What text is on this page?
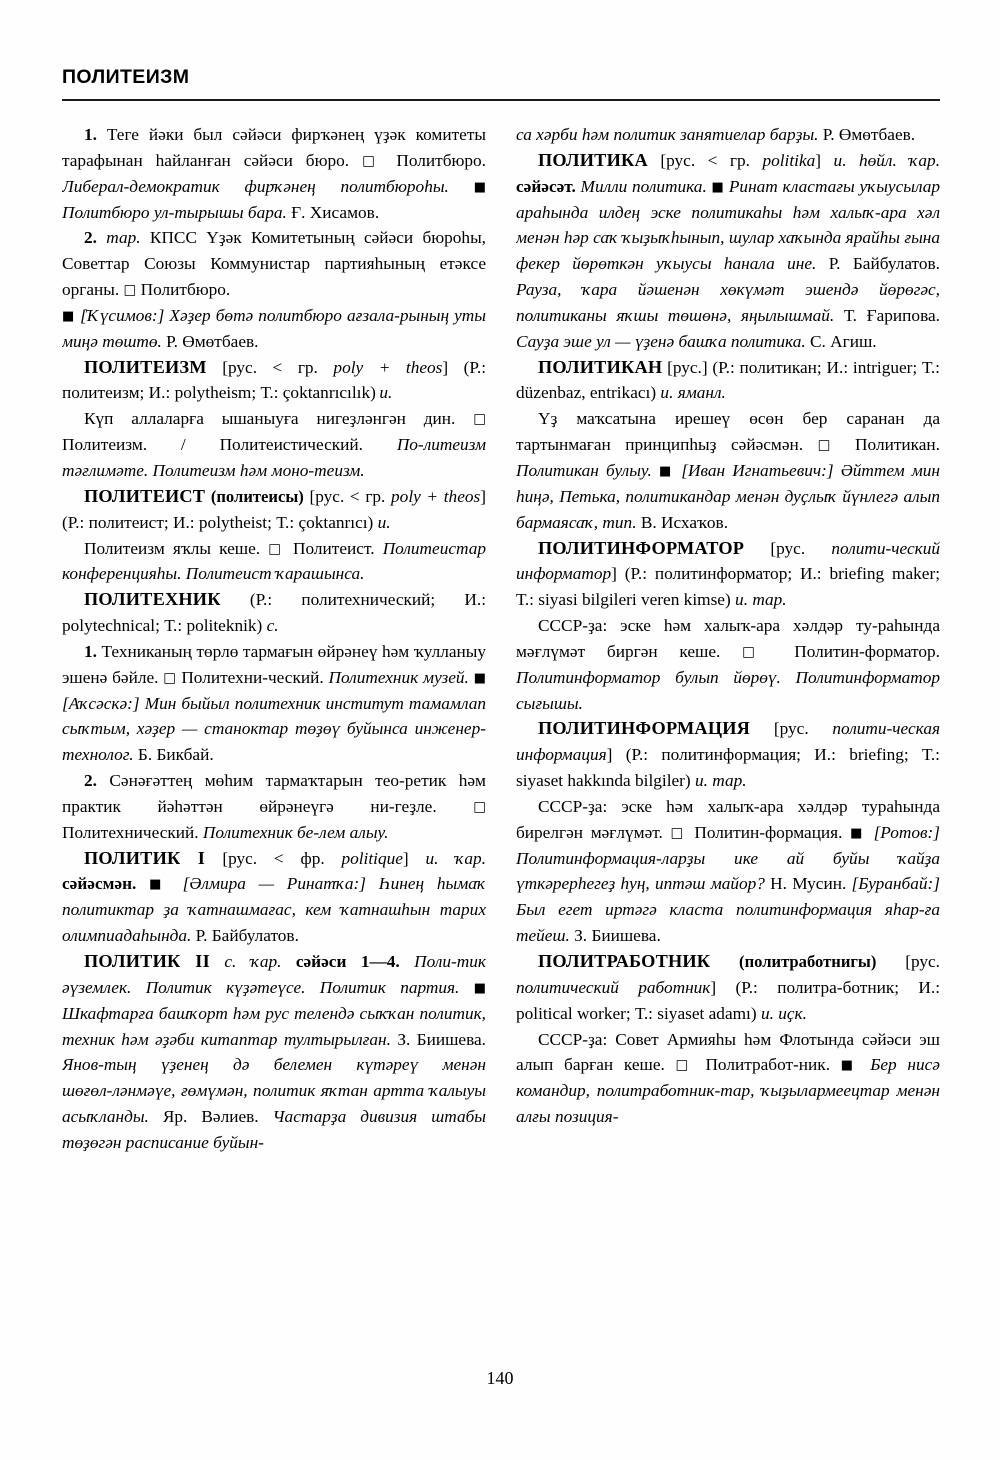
ПОЛИТЕИЗМ

1. Теге йәки был сәйәси фирҡәнең үҙәк комитеты тарафынан һайланған сәйәси бюро. □ Политбюро. Либерал-демократик фирҡәнең политбюроһы. ■ Политбюро ул‑тырышы бара. Ғ. Хисамов.

2. тар. КПСС Үҙәк Комитетының сәйәси бюроһы, Советтар Союзы Коммунистар партияһының етәксе органы. □ Политбюро.

■ [Ҡүсимов:] Хәҙер бөтә политбюро ағзала‑рының уты миңә төштө. Р. Өмөтбаев.

ПОЛИТЕИЗМ [рус. < гр. poly + theos] (Р.: политеизм; И.: polytheism; Т.: çoktanrıcılık) и.

Күп аллаларға ышаныуға нигеҙләнгән дин. □ Политеизм. / Политеистический. По‑литеизм тәғлимәте. Политеизм һәм моно‑теизм.

ПОЛИТЕИСТ (политеисы) [рус. < гр. poly + theos] (Р.: политеист; И.: polytheist; Т.: çoktanrıcı) и.

Политеизм яҡлы кеше. □ Политеист. Политеистар конференцияһы. Политеист ҡарашынса.

ПОЛИТЕХНИК (Р.: политехнический; И.: polytechnical; Т.: politeknik) с.

1. Техниканың төрлө тармағын өйрәнеү һәм ҡулланыу эшенә бәйле. □ Политехни‑ческий. Политехник музей. ■ [Аҡсәскә:] Мин быйыл политехник институт тамамлап сыҡтым, хәҙер — станоктар төҙөү буйынса инженер-технолог. Б. Бикбай.

2. Сәнәғәттең мөһим тармаҡтарын тео‑ретик һәм практик йәһәттән өйрәнеүгә ни‑геҙле. □ Политехнический. Политехник бе‑лем алыу.

ПОЛИТИК I [рус. < фр. politique] и. ҡар. сәйәсмән. ■ [Әлмира — Ринатҡа:] Һинең һымаҡ политиктар ҙа ҡатнашмағас, кем ҡатнашһын тарих олимпиадаһында. Р. Байбулатов.

ПОЛИТИК II с. ҡар. сәйәси 1—4. Поли‑тик әүземлек. Политик күҙәтеүсе. Политик партия. ■ Шкафтарға башҡорт һәм рус телендә сыҡҡан политик, техник һәм әҙәби китаптар тултырылған. З. Биишева. Янов‑тың үҙенең дә белемен күтәреү менән шөғөл‑ләнмәүе, ғөмүмән, политик яҡтан артта ҡалыуы асыҡланды. Яр. Вәлиев. Частарҙа дивизия штабы төҙөгән расписание буйын-

са хәрби һәм политик занятиелар барҙы. Р. Өмөтбаев.

ПОЛИТИКА [рус. < гр. politika] и. һөйл. ҡар. сәйәсәт. Милли политика. ■ Ринат кластағы уҡыусылар араһында илдең эске политикаһы һәм халыҡ-ара хәл менән һәр саҡ ҡыҙыҡһынып, шулар хаҡында ярайһы ғына фекер йөрөткән уҡыусы һанала ине. Р. Байбулатов. Рауза, ҡара йәшенән хөкүмәт эшендә йөрөгәс, политиканы яҡшы төшөнә, яңылышмай. Т. Ғарипова. Сауҙа эше ул — үҙенә башҡа политика. С. Агиш.

ПОЛИТИКАН [рус.] (Р.: политикан; И.: intriguer; Т.: düzenbaz, entrikacı) и. яманл.

Үҙ маҡсатына ирешеү өсөн бер саранан да тартынмаған принципһыҙ сәйәсмән. □ Политикан. Политикан булыу. ■ [Иван Игнатьевич:] Әйттем мин һиңә, Петька, политикандар менән дуҫлыҡ йүнлегә алып бармаясаҡ, тип. В. Исхаҡов.

ПОЛИТИНФОРМАТОР [рус. полити‑ческий информатор] (Р.: политинформатор; И.: briefing maker; Т.: siyasi bilgileri veren kimse) и. тар.

СССР-ҙа: эске һәм халыҡ-ара хәлдәр ту‑раһында мәғлүмәт биргән кеше. □ Политин‑форматор. Политинформатор булып йөрөү. Политинформатор сығышы.

ПОЛИТИНФОРМАЦИЯ [рус. полити‑ческая информация] (Р.: политинформация; И.: briefing; Т.: siyaset hakkında bilgiler) и. тар.

СССР-ҙа: эске һәм халыҡ-ара хәлдәр тураһында бирелгән мәғлүмәт. □ Политин‑формация. ■ [Ротов:] Политинформация‑ларҙы ике ай буйы ҡайҙа үткәрерһегеҙ һуң, иптәш майор? Н. Мусин. [Буранбай:] Был егет иртәгә класта политинформация яһар‑ға тейеш. З. Биишева.

ПОЛИТРАБОТНИК (политработнигы) [рус. политический работник] (Р.: политра‑ботник; И.: political worker; Т.: siyaset adamı) и. иҫк.

СССР-ҙа: Совет Армияһы һәм Флотында сәйәси эш алып барған кеше. □ Политработ‑ник. ■ Бер нисә командир, политработник‑тар, ҡыҙылармеецтар менән алғы позиция-

140
